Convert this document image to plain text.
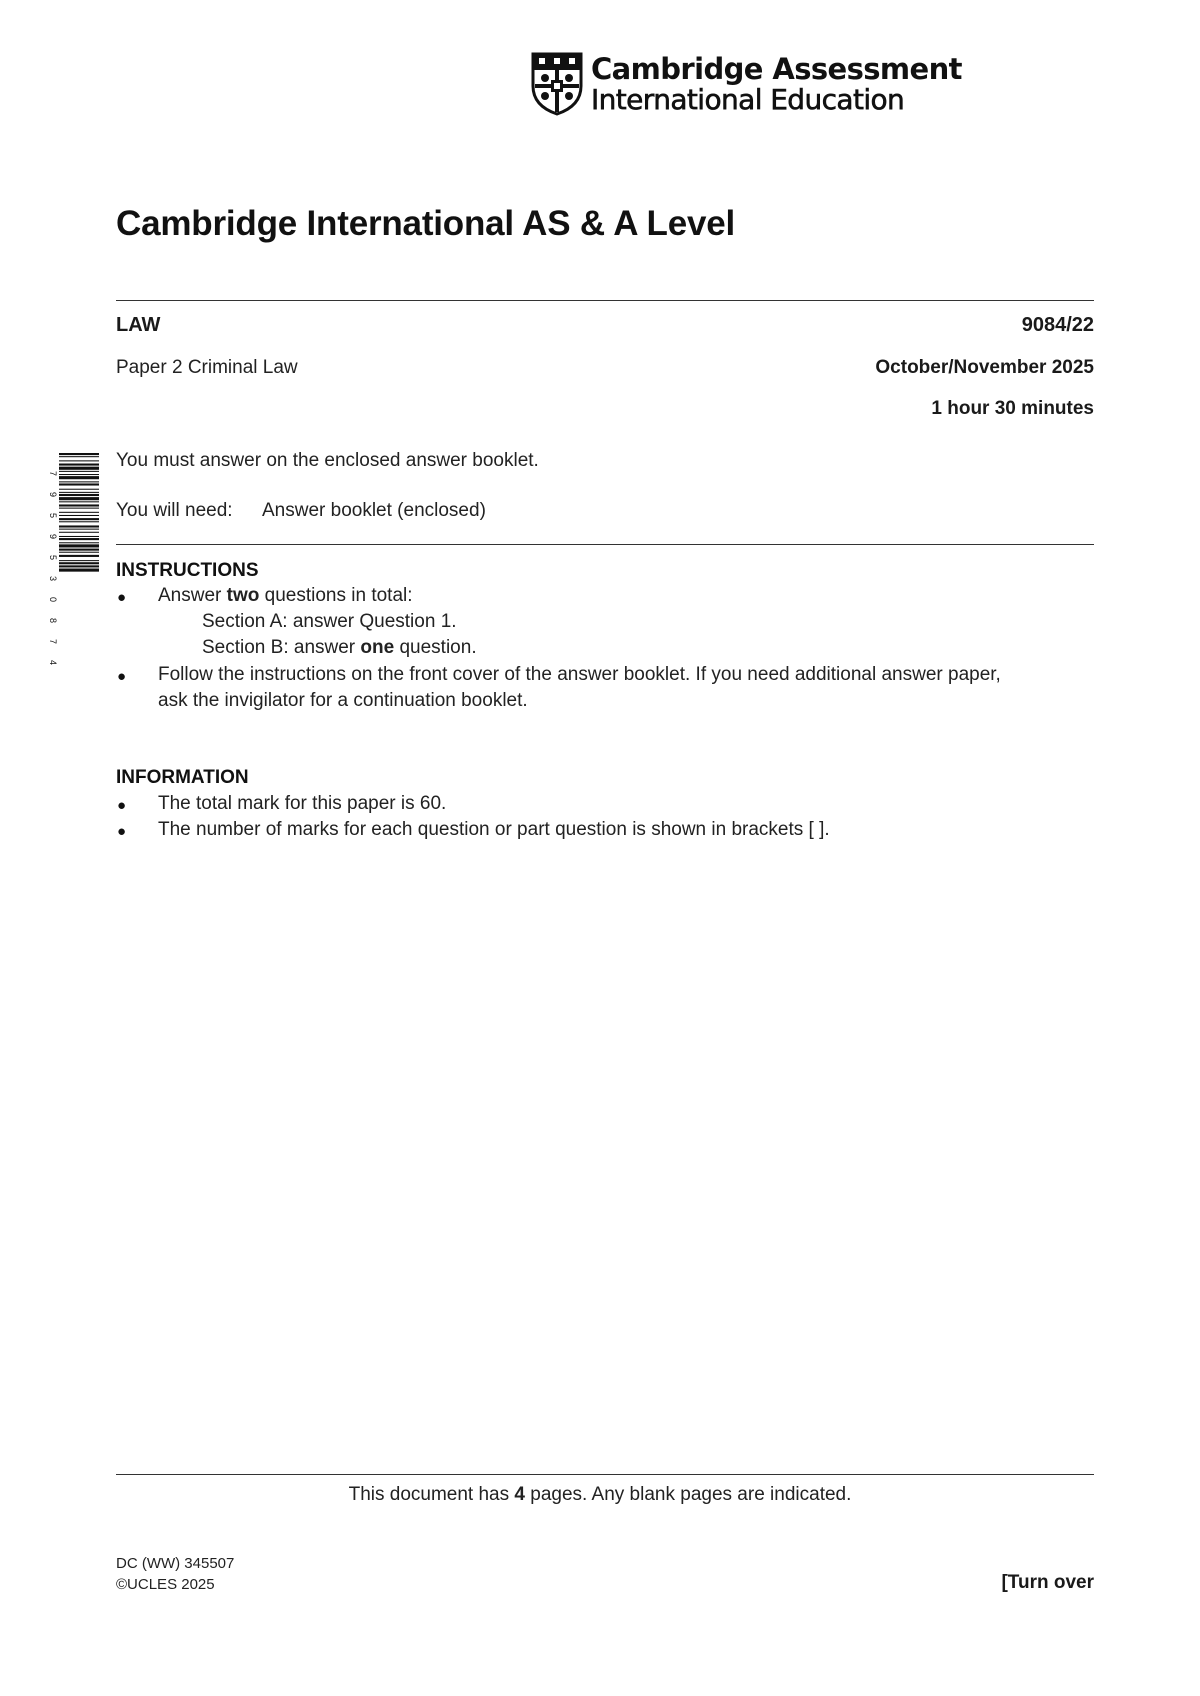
Cambridge Assessment
International Education
Cambridge International AS & A Level
LAW	9084/22
Paper 2 Criminal Law	October/November 2025
1 hour 30 minutes
7
9
5
9
5
3
0
8
7
4
You must answer on the enclosed answer booklet.
You will need: Answer booklet (enclosed)
INSTRUCTIONS
● Answer two questions in total:
Section A: answer Question 1.
Section B: answer one question.
● Follow the instructions on the front cover of the answer booklet. If you need additional answer paper,
ask the invigilator for a continuation booklet.
INFORMATION
● The total mark for this paper is 60.
● The number of marks for each question or part question is shown in brackets [ ].
This document has 4 pages. Any blank pages are indicated.
DC (WW) 345507
©UCLES 2025	[Turn over
